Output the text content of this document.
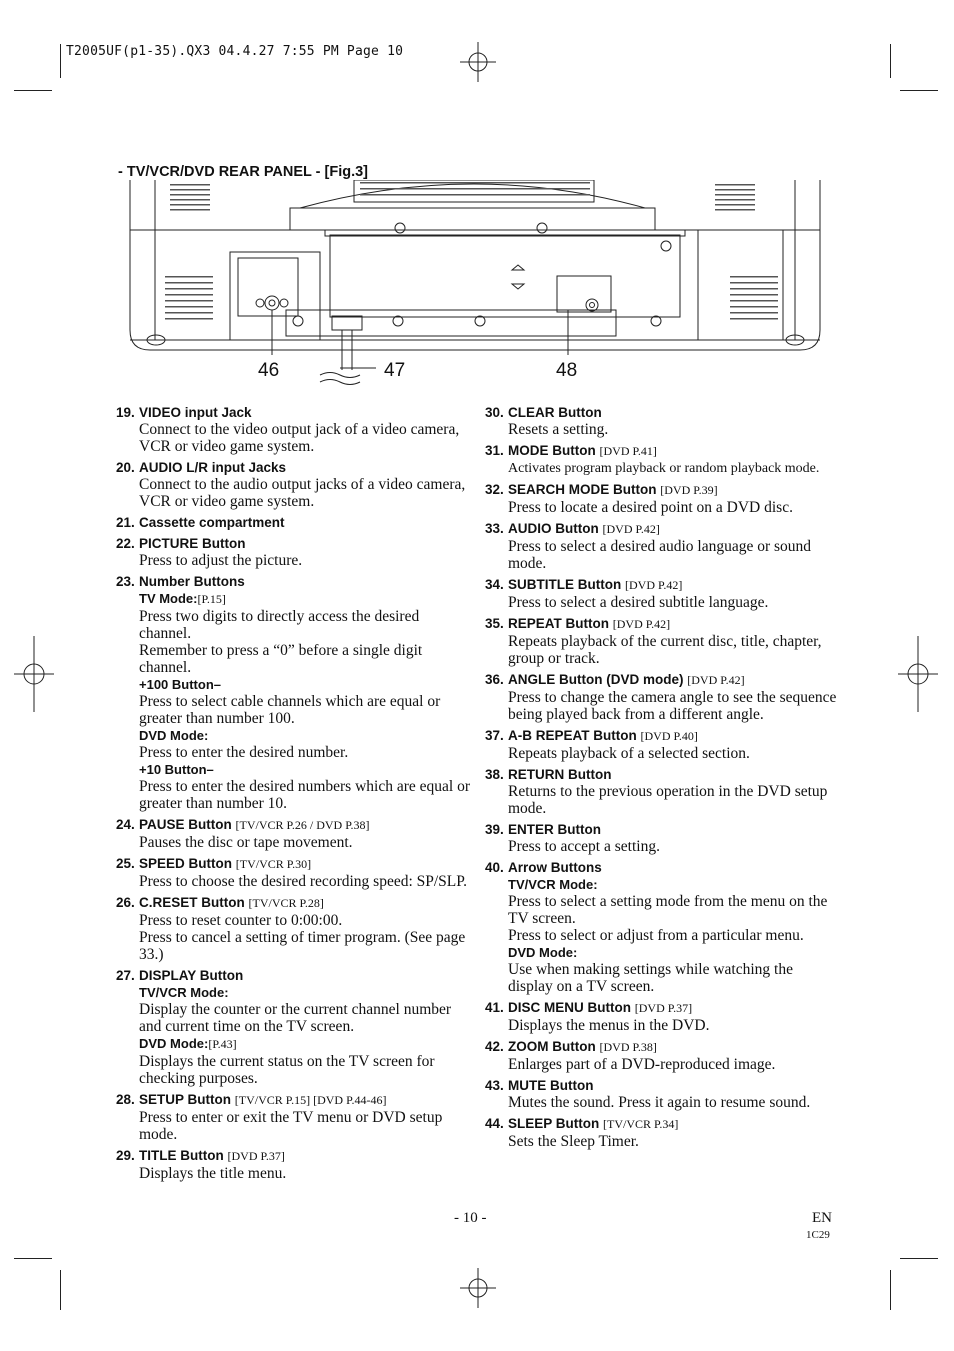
T2005UF(p1-35).QX3 04.4.27 7:55 PM Page 10
- TV/VCR/DVD REAR PANEL - [Fig.3]
46	47	48
19. VIDEO input Jack
Connect to the video output jack of a video camera, VCR or video game system.
20. AUDIO L/R input Jacks
Connect to the audio output jacks of a video camera, VCR or video game system.
21. Cassette compartment
22. PICTURE Button
Press to adjust the picture.
23. Number Buttons
TV Mode:[P.15]
Press two digits to directly access the desired channel.
Remember to press a “0” before a single digit channel.
+100 Button–
Press to select cable channels which are equal or greater than number 100.
DVD Mode:
Press to enter the desired number.
+10 Button–
Press to enter the desired numbers which are equal or greater than number 10.
24. PAUSE Button [TV/VCR P.26 / DVD P.38]
Pauses the disc or tape movement.
25. SPEED Button [TV/VCR P.30]
Press to choose the desired recording speed: SP/SLP.
26. C.RESET Button [TV/VCR P.28]
Press to reset counter to 0:00:00.
Press to cancel a setting of timer program. (See page 33.)
27. DISPLAY Button
TV/VCR Mode:
Display the counter or the current channel number and current time on the TV screen.
DVD Mode:[P.43]
Displays the current status on the TV screen for checking purposes.
28. SETUP Button [TV/VCR P.15] [DVD P.44-46]
Press to enter or exit the TV menu or DVD setup mode.
29. TITLE Button [DVD P.37]
Displays the title menu.
30. CLEAR Button
Resets a setting.
31. MODE Button [DVD P.41]
Activates program playback or random playback mode.
32. SEARCH MODE Button [DVD P.39]
Press to locate a desired point on a DVD disc.
33. AUDIO Button [DVD P.42]
Press to select a desired audio language or sound mode.
34. SUBTITLE Button [DVD P.42]
Press to select a desired subtitle language.
35. REPEAT Button [DVD P.42]
Repeats playback of the current disc, title, chapter, group or track.
36. ANGLE Button (DVD mode) [DVD P.42]
Press to change the camera angle to see the sequence being played back from a different angle.
37. A-B REPEAT Button [DVD P.40]
Repeats playback of a selected section.
38. RETURN Button
Returns to the previous operation in the DVD setup mode.
39. ENTER Button
Press to accept a setting.
40. Arrow Buttons
TV/VCR Mode:
Press to select a setting mode from the menu on the TV screen.
Press to select or adjust from a particular menu.
DVD Mode:
Use when making settings while watching the display on a TV screen.
41. DISC MENU Button [DVD P.37]
Displays the menus in the DVD.
42. ZOOM Button [DVD P.38]
Enlarges part of a DVD-reproduced image.
43. MUTE Button
Mutes the sound. Press it again to resume sound.
44. SLEEP Button [TV/VCR P.34]
Sets the Sleep Timer.
- 10 -	EN
1C29
